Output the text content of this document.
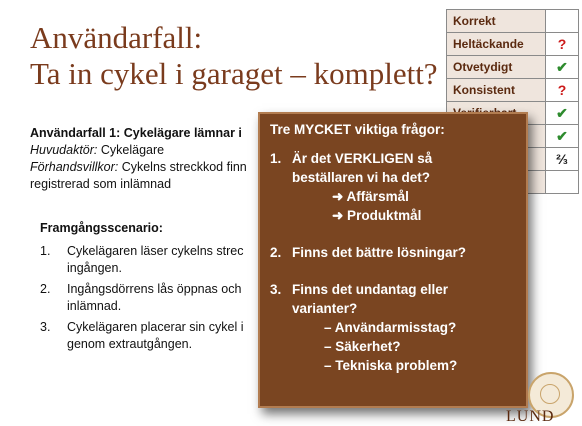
Användarfall:
Ta in cykel i garaget – komplett?
Korrekt	
Heltäckande	?
Otvetydigt	✔
Konsistent	?
	✔
	✔
	⅔

Användarfall 1: Cykelägare lämnar i
Huvudaktör: Cykelägare
Förhandsvillkor: Cykelns streckkod finn
registrerad som inlämnad
Framgångsscenario:
1.	Cykelägaren läser cykelns strec
ingången.
2.	Ingångsdörrens lås öppnas och
inlämnad.
3.	Cykelägaren placerar sin cykel i
genom extrautgången.
Tre MYCKET viktiga frågor:
1. Är det VERKLIGEN så
beställaren vi ha det?
➜ Affärsmål
➜ Produktmål
2. Finns det bättre lösningar?
3. Finns det undantag eller
varianter?
– Användarmisstag?
– Säkerhet?
– Tekniska problem?
LUND
